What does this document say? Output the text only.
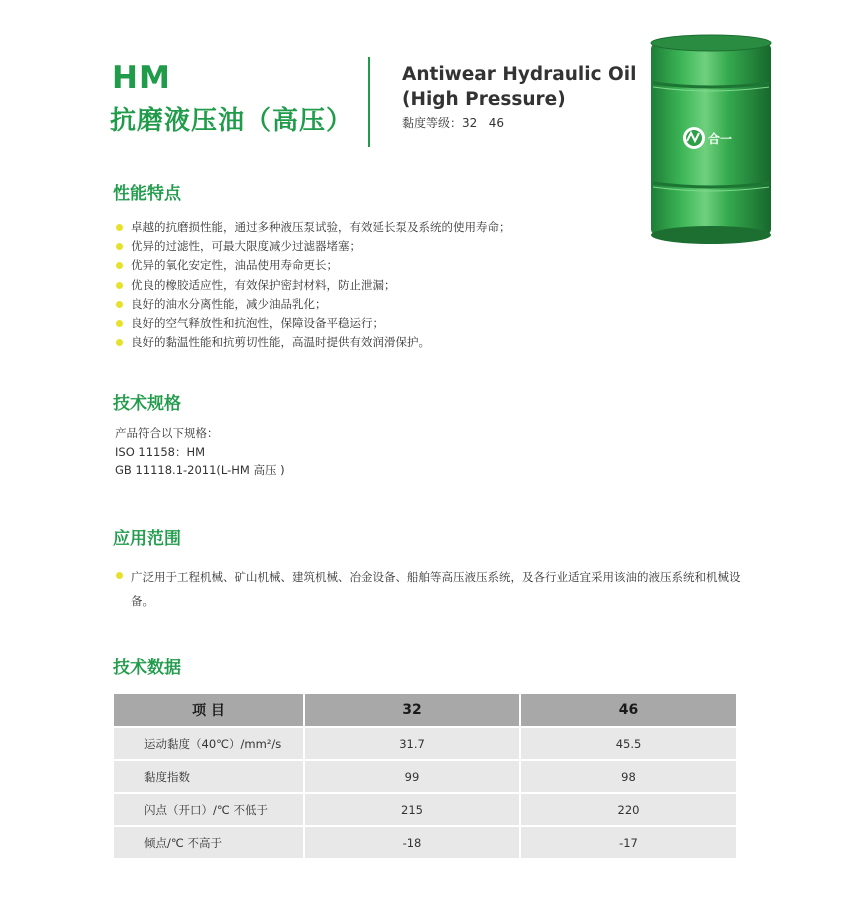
HM
抗磨液压油（高压）
Antiwear Hydraulic Oil
(High Pressure)
黏度等级：32   46
合一
性能特点
卓越的抗磨损性能，通过多种液压泵试验，有效延长泵及系统的使用寿命；
优异的过滤性，可最大限度减少过滤器堵塞；
优异的氧化安定性，油品使用寿命更长；
优良的橡胶适应性，有效保护密封材料，防止泄漏；
良好的油水分离性能，减少油品乳化；
良好的空气释放性和抗泡性，保障设备平稳运行；
良好的黏温性能和抗剪切性能，高温时提供有效润滑保护。
技术规格
产品符合以下规格：
ISO 11158：HM
GB 11118.1-2011(L-HM 高压 )
应用范围
广泛用于工程机械、矿山机械、建筑机械、冶金设备、船舶等高压液压系统，及各行业适宜采用该油的液压系统和机械设备。
技术数据
项 目	32	46
运动黏度（40℃）/mm²/s	31.7	45.5
黏度指数	99	98
闪点（开口）/℃ 不低于	215	220
倾点/℃ 不高于	-18	-17
